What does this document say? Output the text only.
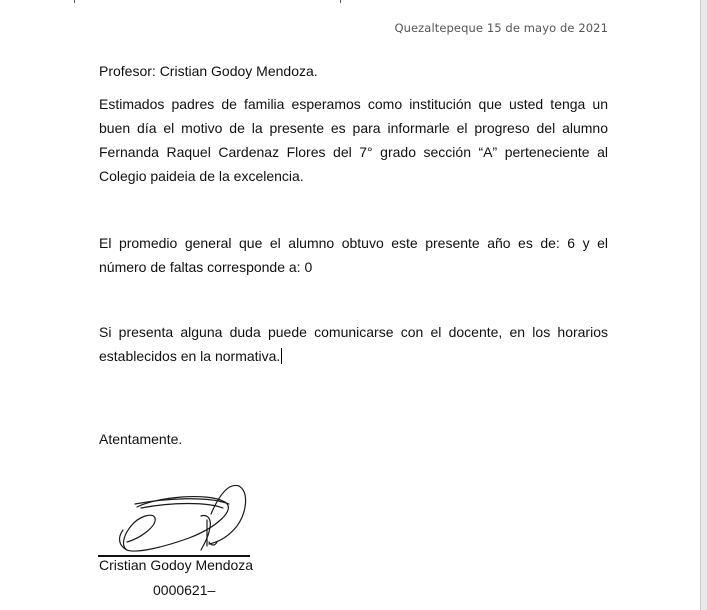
Quezaltepeque 15 de mayo de 2021

Profesor: Cristian Godoy Mendoza.

Estimados padres de familia esperamos como institución que usted tenga un buen día el motivo de la presente es para informarle el progreso del alumno Fernanda Raquel Cardenaz Flores del 7° grado sección “A” perteneciente al Colegio paideia de la excelencia.

El promedio general que el alumno obtuvo este presente año es de: 6 y el número de faltas corresponde a: 0

Si presenta alguna duda puede comunicarse con el docente, en los horarios establecidos en la normativa.

Atentamente.

Cristian Godoy Mendoza
0000621–
